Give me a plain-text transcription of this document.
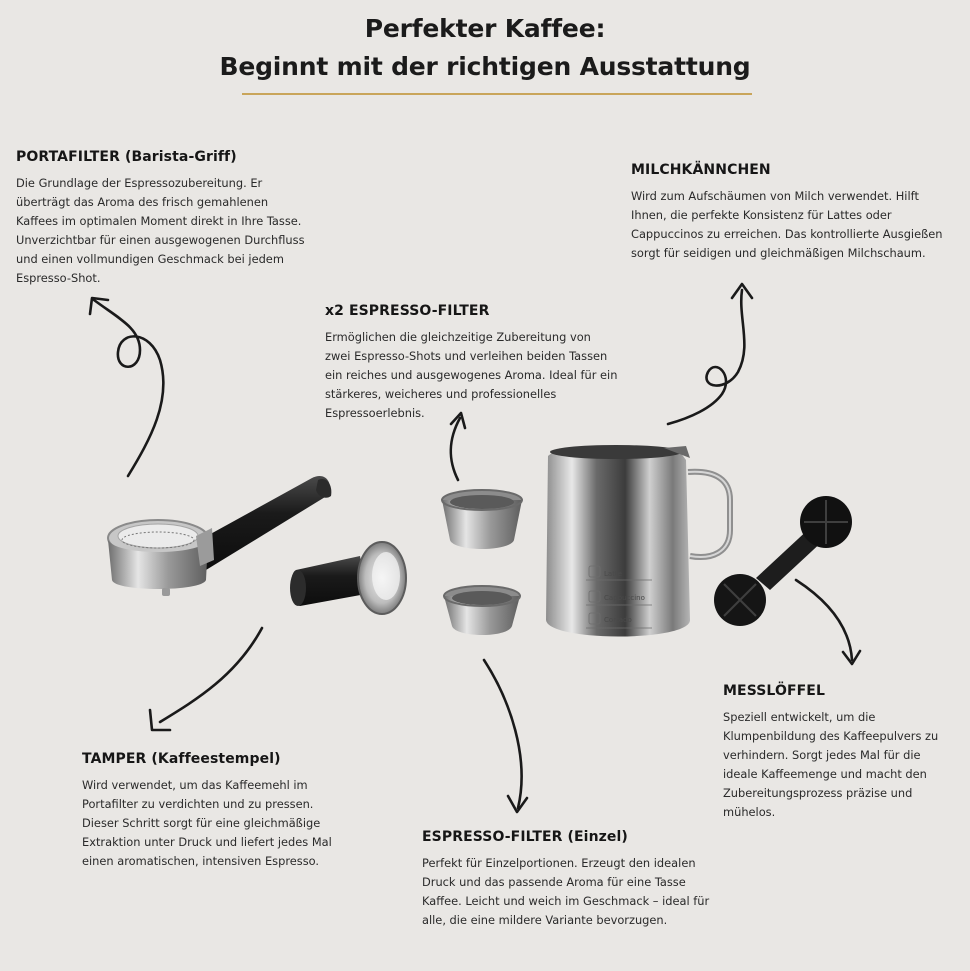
Perfekter Kaffee:
Beginnt mit der richtigen Ausstattung
Latte
Cappuccino
Cortado
PORTAFILTER (Barista-Griff)

Die Grundlage der Espressozubereitung. Er
überträgt das Aroma des frisch gemahlenen
Kaffees im optimalen Moment direkt in Ihre Tasse.
Unverzichtbar für einen ausgewogenen Durchfluss
und einen vollmundigen Geschmack bei jedem
Espresso-Shot.

MILCHKÄNNCHEN

Wird zum Aufschäumen von Milch verwendet. Hilft
Ihnen, die perfekte Konsistenz für Lattes oder
Cappuccinos zu erreichen. Das kontrollierte Ausgießen
sorgt für seidigen und gleichmäßigen Milchschaum.

x2 ESPRESSO-FILTER

Ermöglichen die gleichzeitige Zubereitung von
zwei Espresso-Shots und verleihen beiden Tassen
ein reiches und ausgewogenes Aroma. Ideal für ein
stärkeres, weicheres und professionelles
Espressoerlebnis.

TAMPER (Kaffeestempel)

Wird verwendet, um das Kaffeemehl im
Portafilter zu verdichten und zu pressen.
Dieser Schritt sorgt für eine gleichmäßige
Extraktion unter Druck und liefert jedes Mal
einen aromatischen, intensiven Espresso.

MESSLÖFFEL

Speziell entwickelt, um die
Klumpenbildung des Kaffeepulvers zu
verhindern. Sorgt jedes Mal für die
ideale Kaffeemenge und macht den
Zubereitungsprozess präzise und
mühelos.

ESPRESSO-FILTER (Einzel)

Perfekt für Einzelportionen. Erzeugt den idealen
Druck und das passende Aroma für eine Tasse
Kaffee. Leicht und weich im Geschmack – ideal für
alle, die eine mildere Variante bevorzugen.
